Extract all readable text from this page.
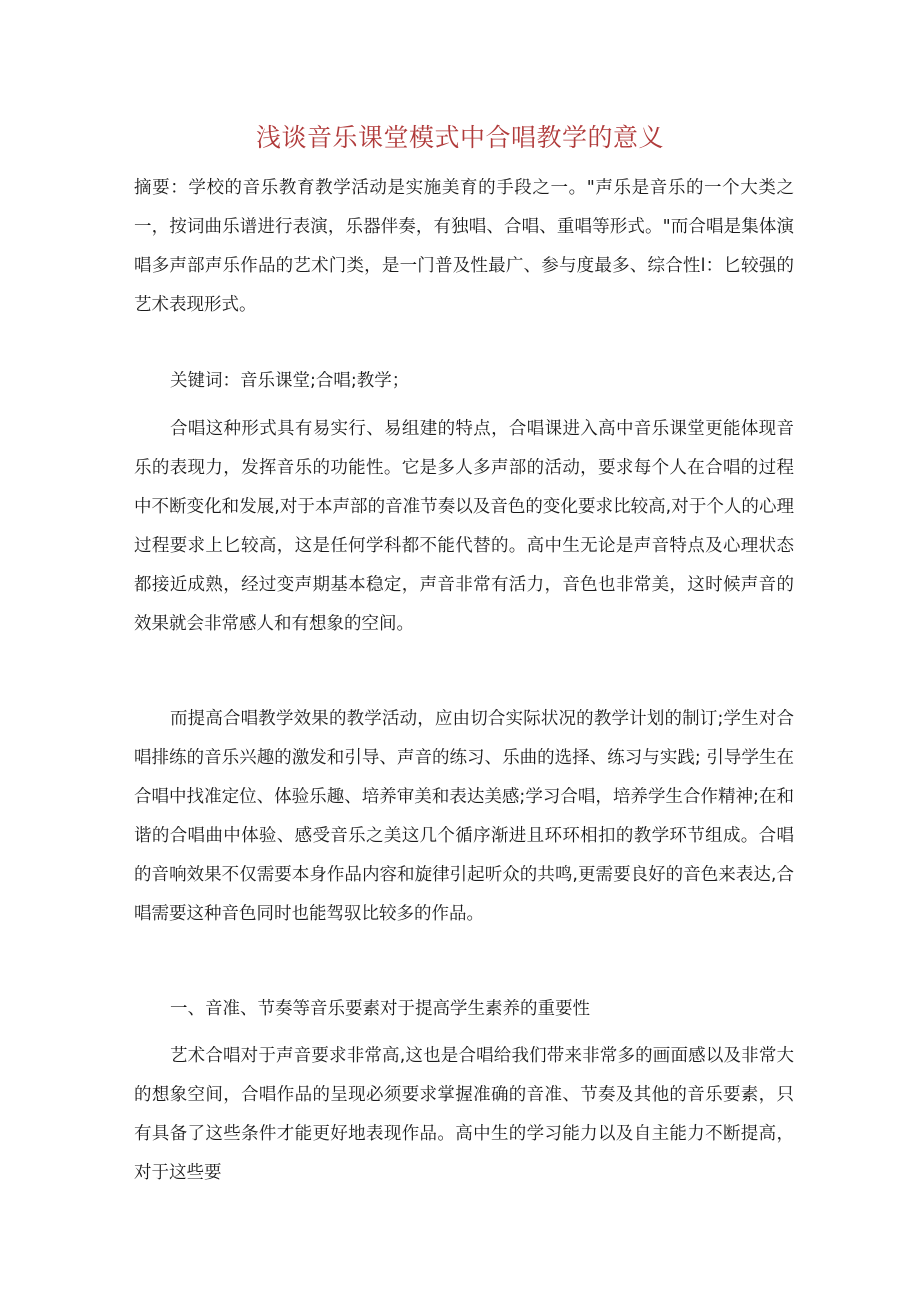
浅谈音乐课堂模式中合唱教学的意义

摘要：学校的音乐教育教学活动是实施美育的手段之一。"声乐是音乐的一个大类之一，按词曲乐谱进行表演，乐器伴奏，有独唱、合唱、重唱等形式。"而合唱是集体演唱多声部声乐作品的艺术门类，是一门普及性最广、参与度最多、综合性l：匕较强的艺术表现形式。

关键词：音乐课堂;合唱;教学；

合唱这种形式具有易实行、易组建的特点，合唱课进入高中音乐课堂更能体现音乐的表现力，发挥音乐的功能性。它是多人多声部的活动，要求每个人在合唱的过程中不断变化和发展,对于本声部的音准节奏以及音色的变化要求比较高,对于个人的心理过程要求上匕较高，这是任何学科都不能代替的。高中生无论是声音特点及心理状态都接近成熟，经过变声期基本稳定，声音非常有活力，音色也非常美，这时候声音的效果就会非常感人和有想象的空间。

而提高合唱教学效果的教学活动，应由切合实际状况的教学计划的制订;学生对合唱排练的音乐兴趣的激发和引导、声音的练习、乐曲的选择、练习与实践; 引导学生在合唱中找准定位、体验乐趣、培养审美和表达美感;学习合唱，培养学生合作精神;在和谐的合唱曲中体验、感受音乐之美这几个循序渐进且环环相扣的教学环节组成。合唱的音响效果不仅需要本身作品内容和旋律引起听众的共鸣,更需要良好的音色来表达,合唱需要这种音色同时也能驾驭比较多的作品。

一、音准、节奏等音乐要素对于提高学生素养的重要性

艺术合唱对于声音要求非常高,这也是合唱给我们带来非常多的画面感以及非常大的想象空间，合唱作品的呈现必须要求掌握准确的音准、节奏及其他的音乐要素，只有具备了这些条件才能更好地表现作品。高中生的学习能力以及自主能力不断提高，对于这些要
